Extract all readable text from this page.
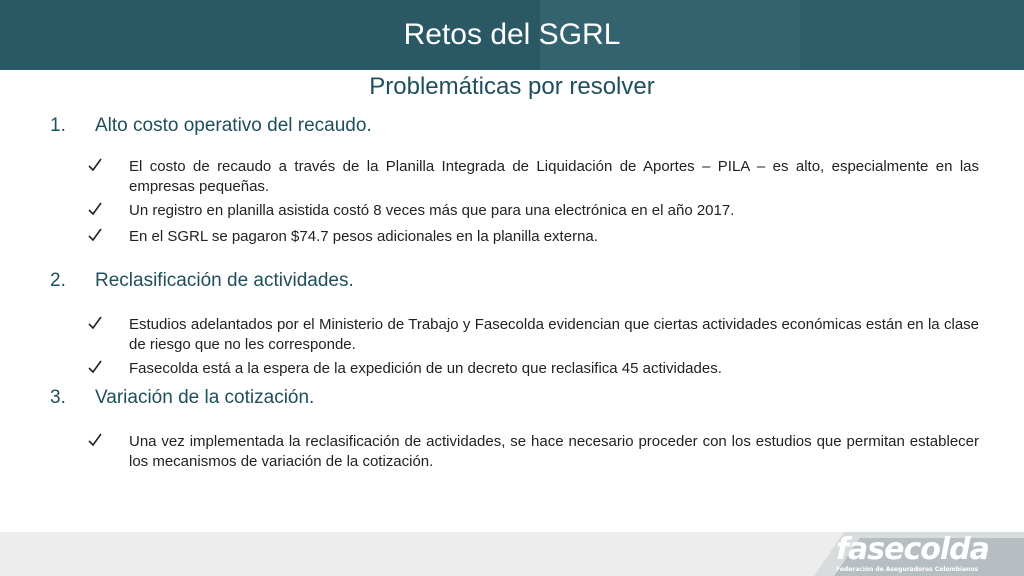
Retos del SGRL
Problemáticas por resolver
1. Alto costo operativo del recaudo.
El costo de recaudo a través de la Planilla Integrada de Liquidación de Aportes – PILA – es alto, especialmente en las empresas pequeñas.
Un registro en planilla asistida costó 8 veces más que para una electrónica en el año 2017.
En el SGRL se pagaron $74.7 pesos adicionales en la planilla externa.
2. Reclasificación de actividades.
Estudios adelantados por el Ministerio de Trabajo y Fasecolda evidencian que ciertas actividades económicas están en la clase de riesgo que no les corresponde.
Fasecolda está a la espera de la expedición de un decreto que reclasifica 45 actividades.
3. Variación de la cotización.
Una vez implementada la reclasificación de actividades, se hace necesario proceder con los estudios que permitan establecer los mecanismos de variación de la cotización.
fasecolda
Federación de Aseguradores Colombianos
